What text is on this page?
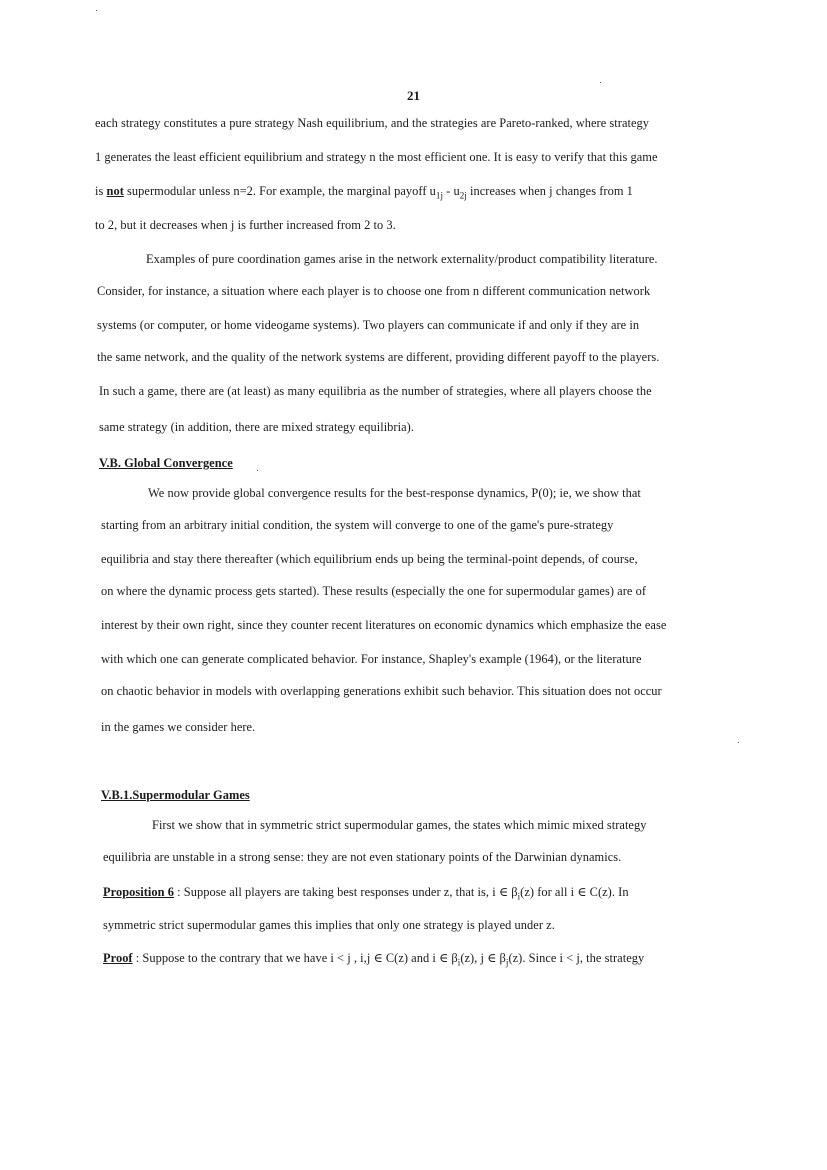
21
each strategy constitutes a pure strategy Nash equilibrium, and the strategies are Pareto-ranked, where strategy
1 generates the least efficient equilibrium and strategy n the most efficient one. It is easy to verify that this game
is not supermodular unless n=2. For example, the marginal payoff $u_{1j} - u_{2j}$ increases when j changes from 1
to 2, but it decreases when j is further increased from 2 to 3.
Examples of pure coordination games arise in the network externality/product compatibility literature.
Consider, for instance, a situation where each player is to choose one from n different communication network
systems (or computer, or home videogame systems). Two players can communicate if and only if they are in
the same network, and the quality of the network systems are different, providing different payoff to the players.
In such a game, there are (at least) as many equilibria as the number of strategies, where all players choose the
same strategy (in addition, there are mixed strategy equilibria).
V.B. Global Convergence
We now provide global convergence results for the best-response dynamics, P(0); ie, we show that
starting from an arbitrary initial condition, the system will converge to one of the game's pure-strategy
equilibria and stay there thereafter (which equilibrium ends up being the terminal-point depends, of course,
on where the dynamic process gets started). These results (especially the one for supermodular games) are of
interest by their own right, since they counter recent literatures on economic dynamics which emphasize the ease
with which one can generate complicated behavior. For instance, Shapley's example (1964), or the literature
on chaotic behavior in models with overlapping generations exhibit such behavior. This situation does not occur
in the games we consider here.
V.B.1.Supermodular Games
First we show that in symmetric strict supermodular games, the states which mimic mixed strategy
equilibria are unstable in a strong sense: they are not even stationary points of the Darwinian dynamics.
Proposition 6 : Suppose all players are taking best responses under z, that is, i ∈ $\beta_i(z)$ for all i ∈ C(z). In
symmetric strict supermodular games this implies that only one strategy is played under z.
Proof : Suppose to the contrary that we have i < j , i,j ∈ C(z) and i ∈ $\beta_i(z)$, j ∈ $\beta_j(z)$. Since i < j, the strategy
